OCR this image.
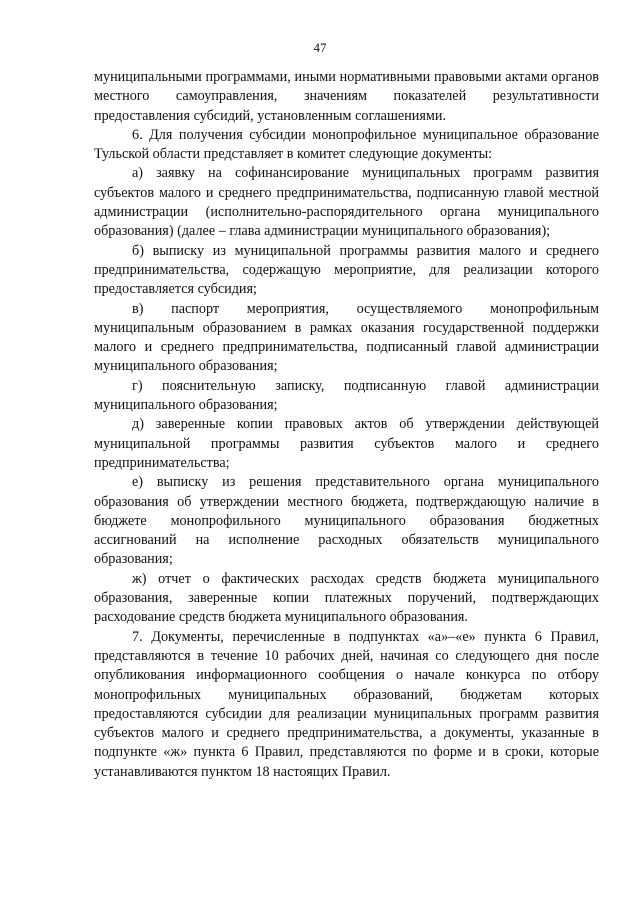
47

муниципальными программами, иными нормативными правовыми актами органов местного самоуправления, значениям показателей результативности предоставления субсидий, установленным соглашениями.

6. Для получения субсидии монопрофильное муниципальное образование Тульской области представляет в комитет следующие документы:

а) заявку на софинансирование муниципальных программ развития субъектов малого и среднего предпринимательства, подписанную главой местной администрации (исполнительно-распорядительного органа муниципального образования) (далее – глава администрации муниципального образования);

б) выписку из муниципальной программы развития малого и среднего предпринимательства, содержащую мероприятие, для реализации которого предоставляется субсидия;

в) паспорт мероприятия, осуществляемого монопрофильным муниципальным образованием в рамках оказания государственной поддержки малого и среднего предпринимательства, подписанный главой администрации муниципального образования;

г) пояснительную записку, подписанную главой администрации муниципального образования;

д) заверенные копии правовых актов об утверждении действующей муниципальной программы развития субъектов малого и среднего предпринимательства;

е) выписку из решения представительного органа муниципального образования об утверждении местного бюджета, подтверждающую наличие в бюджете монопрофильного муниципального образования бюджетных ассигнований на исполнение расходных обязательств муниципального образования;

ж) отчет о фактических расходах средств бюджета муниципального образования, заверенные копии платежных поручений, подтверждающих расходование средств бюджета муниципального образования.

7. Документы, перечисленные в подпунктах «а»–«е» пункта 6 Правил, представляются в течение 10 рабочих дней, начиная со следующего дня после опубликования информационного сообщения о начале конкурса по отбору монопрофильных муниципальных образований, бюджетам которых предоставляются субсидии для реализации муниципальных программ развития субъектов малого и среднего предпринимательства, а документы, указанные в подпункте «ж» пункта 6 Правил, представляются по форме и в сроки, которые устанавливаются пунктом 18 настоящих Правил.
